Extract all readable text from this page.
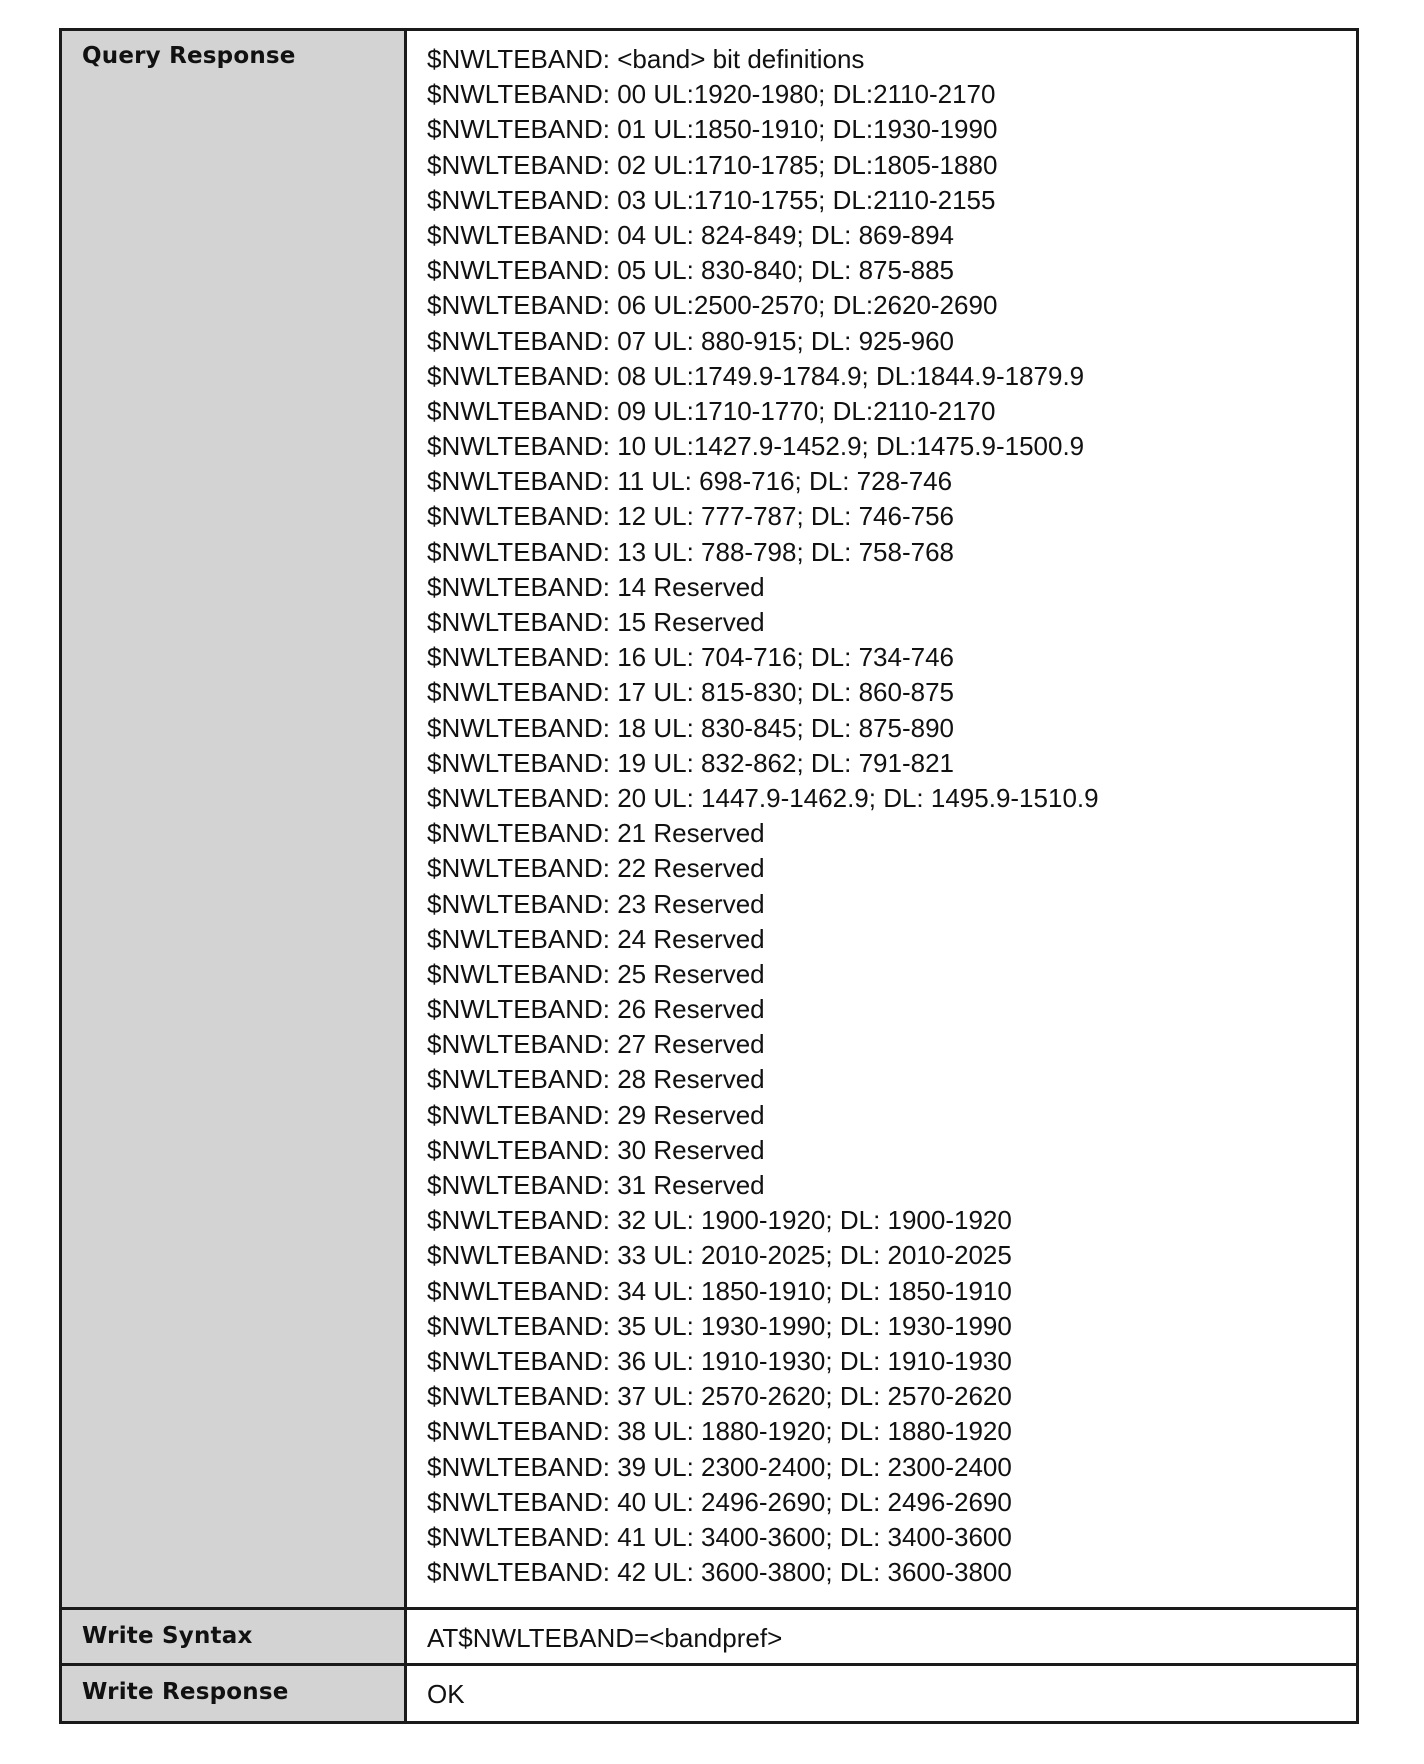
Query Response	$NWLTEBAND: <band> bit definitions
$NWLTEBAND: 00 UL:1920-1980; DL:2110-2170
$NWLTEBAND: 01 UL:1850-1910; DL:1930-1990
$NWLTEBAND: 02 UL:1710-1785; DL:1805-1880
$NWLTEBAND: 03 UL:1710-1755; DL:2110-2155
$NWLTEBAND: 04 UL: 824-849; DL: 869-894
$NWLTEBAND: 05 UL: 830-840; DL: 875-885
$NWLTEBAND: 06 UL:2500-2570; DL:2620-2690
$NWLTEBAND: 07 UL: 880-915; DL: 925-960
$NWLTEBAND: 08 UL:1749.9-1784.9; DL:1844.9-1879.9
$NWLTEBAND: 09 UL:1710-1770; DL:2110-2170
$NWLTEBAND: 10 UL:1427.9-1452.9; DL:1475.9-1500.9
$NWLTEBAND: 11 UL: 698-716; DL: 728-746
$NWLTEBAND: 12 UL: 777-787; DL: 746-756
$NWLTEBAND: 13 UL: 788-798; DL: 758-768
$NWLTEBAND: 14 Reserved
$NWLTEBAND: 15 Reserved
$NWLTEBAND: 16 UL: 704-716; DL: 734-746
$NWLTEBAND: 17 UL: 815-830; DL: 860-875
$NWLTEBAND: 18 UL: 830-845; DL: 875-890
$NWLTEBAND: 19 UL: 832-862; DL: 791-821
$NWLTEBAND: 20 UL: 1447.9-1462.9; DL: 1495.9-1510.9
$NWLTEBAND: 21 Reserved
$NWLTEBAND: 22 Reserved
$NWLTEBAND: 23 Reserved
$NWLTEBAND: 24 Reserved
$NWLTEBAND: 25 Reserved
$NWLTEBAND: 26 Reserved
$NWLTEBAND: 27 Reserved
$NWLTEBAND: 28 Reserved
$NWLTEBAND: 29 Reserved
$NWLTEBAND: 30 Reserved
$NWLTEBAND: 31 Reserved
$NWLTEBAND: 32 UL: 1900-1920; DL: 1900-1920
$NWLTEBAND: 33 UL: 2010-2025; DL: 2010-2025
$NWLTEBAND: 34 UL: 1850-1910; DL: 1850-1910
$NWLTEBAND: 35 UL: 1930-1990; DL: 1930-1990
$NWLTEBAND: 36 UL: 1910-1930; DL: 1910-1930
$NWLTEBAND: 37 UL: 2570-2620; DL: 2570-2620
$NWLTEBAND: 38 UL: 1880-1920; DL: 1880-1920
$NWLTEBAND: 39 UL: 2300-2400; DL: 2300-2400
$NWLTEBAND: 40 UL: 2496-2690; DL: 2496-2690
$NWLTEBAND: 41 UL: 3400-3600; DL: 3400-3600
$NWLTEBAND: 42 UL: 3600-3800; DL: 3600-3800
Write Syntax	AT$NWLTEBAND=<bandpref>
Write Response	OK
